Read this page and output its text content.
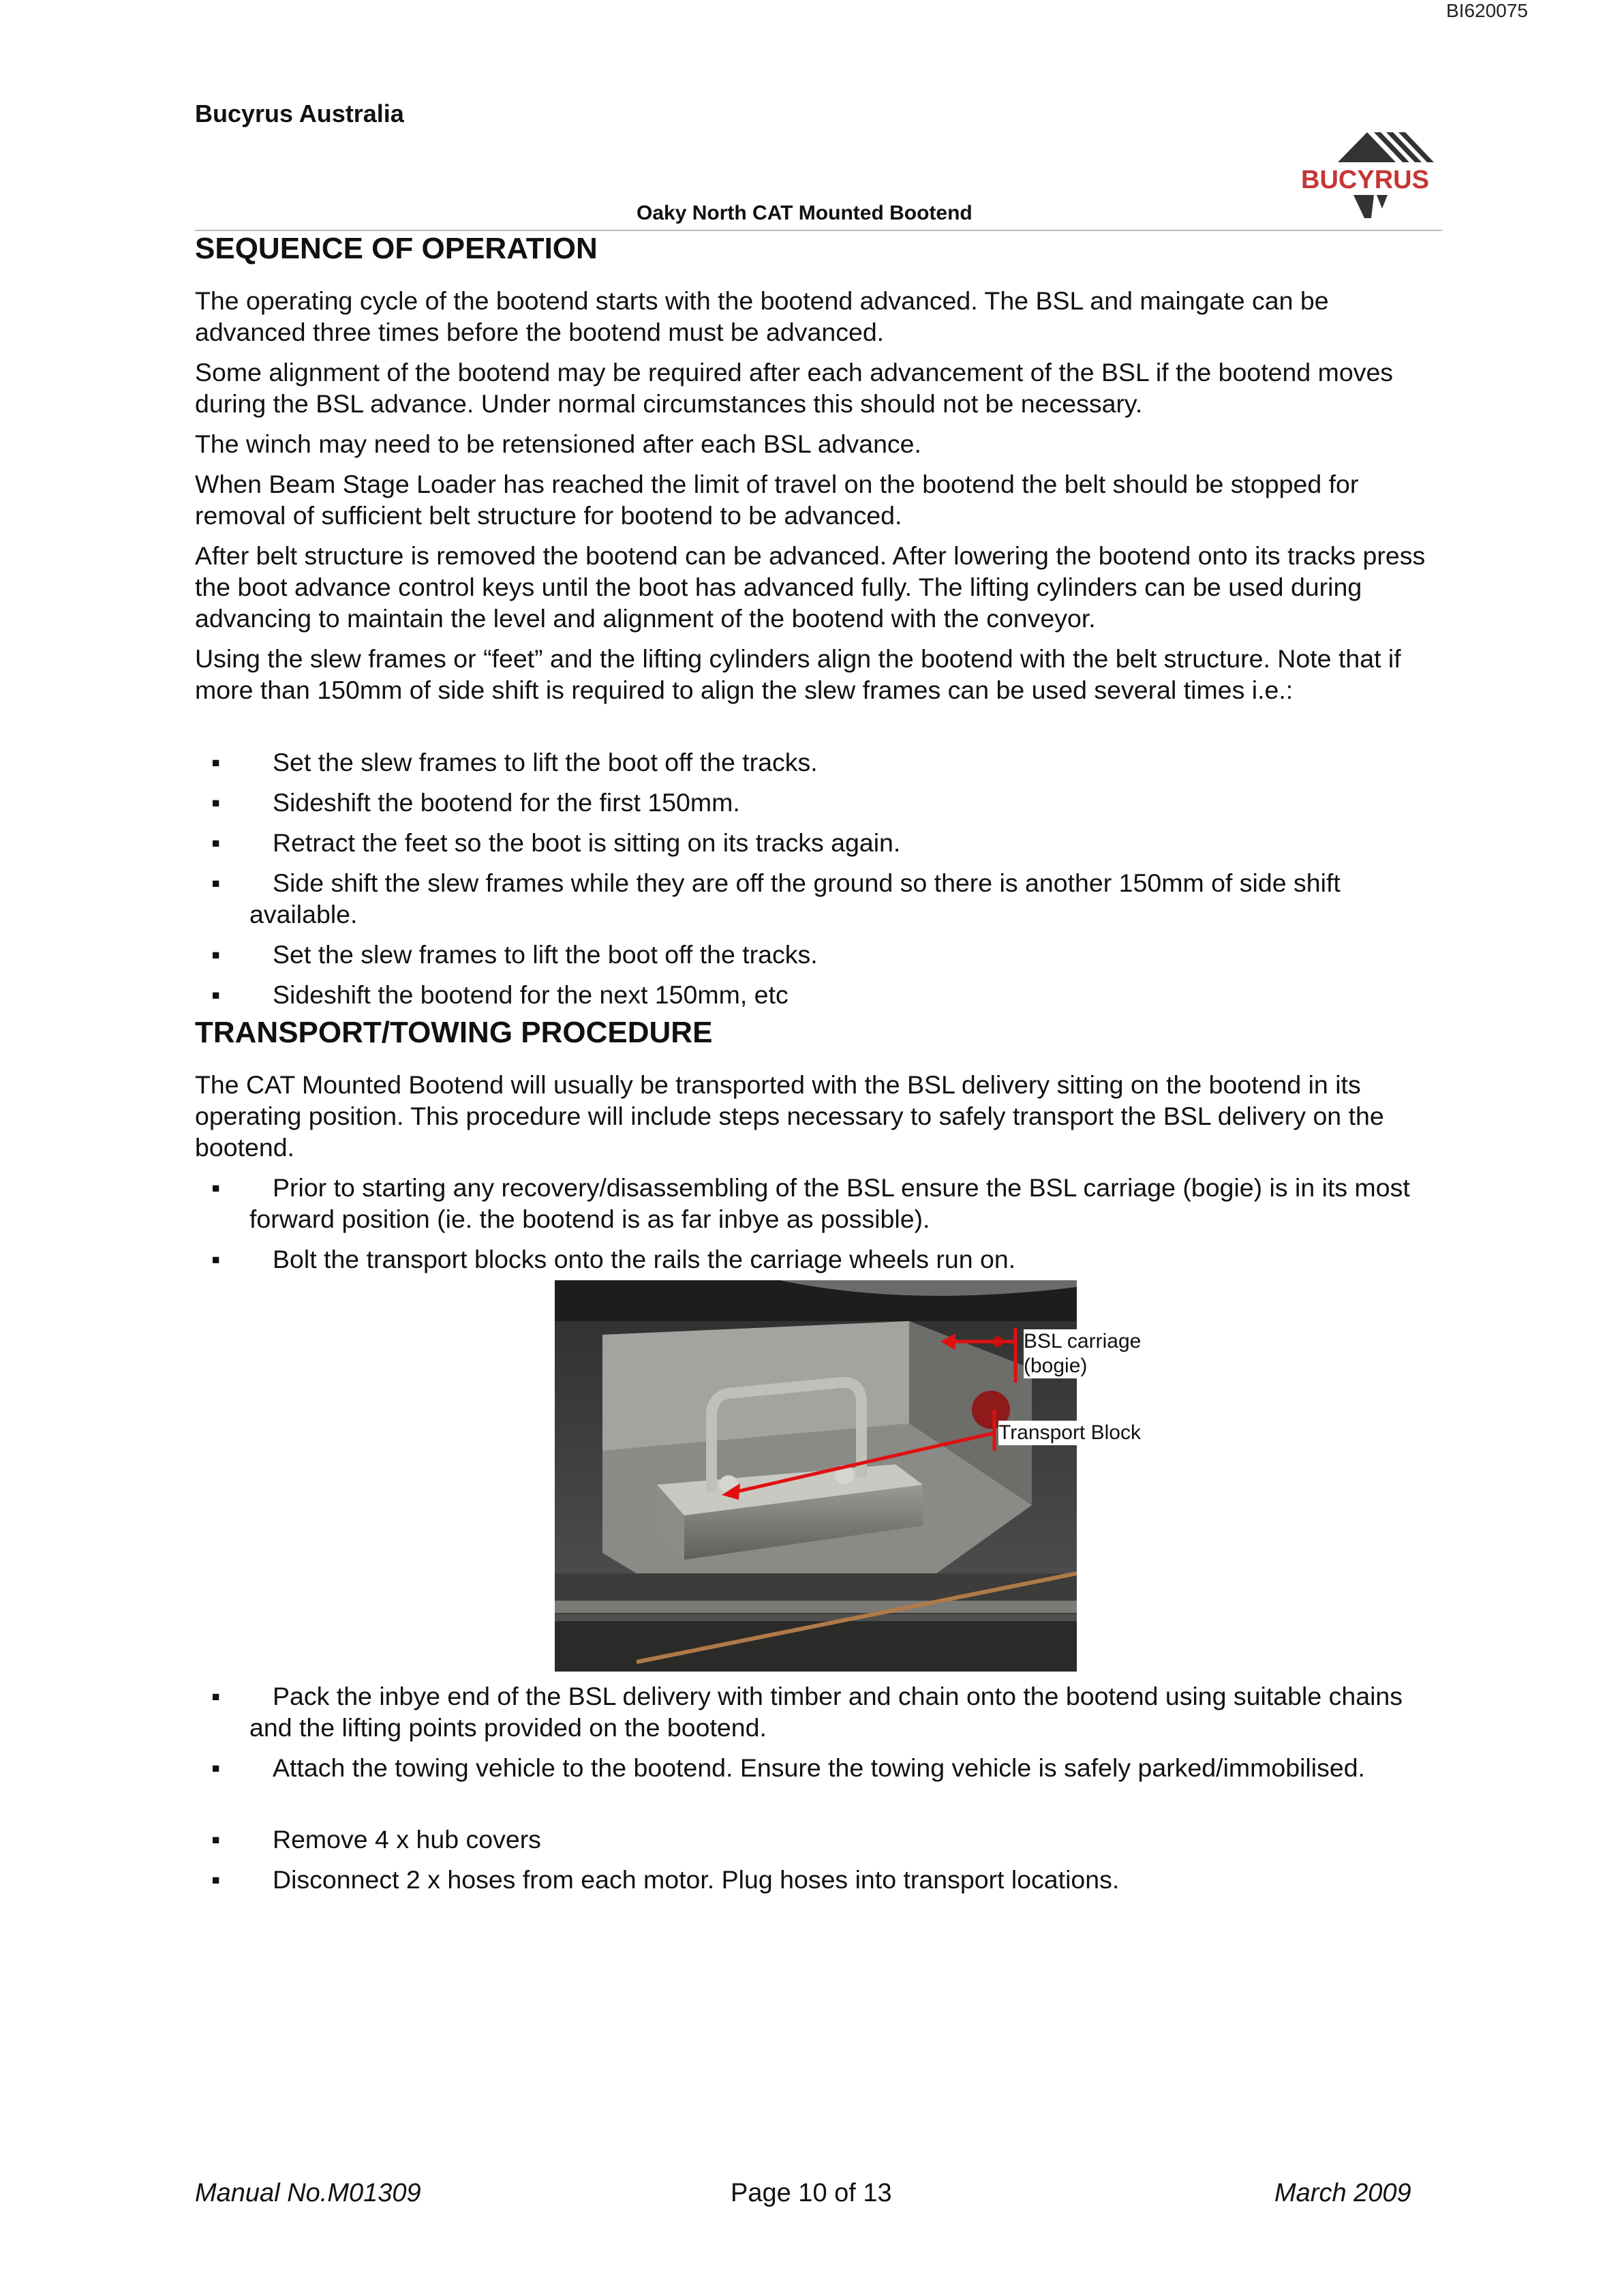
BI620075
Bucyrus Australia
Oaky North CAT Mounted Bootend
BUCYRUS
SEQUENCE OF OPERATION
The operating cycle of the bootend starts with the bootend advanced. The BSL and maingate can be advanced three times before the bootend must be advanced.
Some alignment of the bootend may be required after each advancement of the BSL if the bootend moves during the BSL advance. Under normal circumstances this should not be necessary.
The winch may need to be retensioned after each BSL advance.
When Beam Stage Loader has reached the limit of travel on the bootend the belt should be stopped for removal of sufficient belt structure for bootend to be advanced.
After belt structure is removed the bootend can be advanced. After lowering the bootend onto its tracks press the boot advance control keys until the boot has advanced fully. The lifting cylinders can be used during advancing to maintain the level and alignment of the bootend with the conveyor.
Using the slew frames or “feet” and the lifting cylinders align the bootend with the belt structure. Note that if more than 150mm of side shift is required to align the slew frames can be used several times i.e.:
▪	Set the slew frames to lift the boot off the tracks.
▪	Sideshift the bootend for the first 150mm.
▪	Retract the feet so the boot is sitting on its tracks again.
▪	Side shift the slew frames while they are off the ground so there is another 150mm of side shift available.
▪	Set the slew frames to lift the boot off the tracks.
▪	Sideshift the bootend for the next 150mm, etc
TRANSPORT/TOWING PROCEDURE
The CAT Mounted Bootend will usually be transported with the BSL delivery sitting on the bootend in its operating position. This procedure will include steps necessary to safely transport the BSL delivery on the bootend.
▪	Prior to starting any recovery/disassembling of the BSL ensure the BSL carriage (bogie) is in its most forward position (ie. the bootend is as far inbye as possible).
▪	Bolt the transport blocks onto the rails the carriage wheels run on.
BSL carriage
(bogie)
Transport Block
▪	Pack the inbye end of the BSL delivery with timber and chain onto the bootend using suitable chains and the lifting points provided on the bootend.
▪	Attach the towing vehicle to the bootend. Ensure the towing vehicle is safely parked/immobilised.
▪	Remove 4 x hub covers
▪	Disconnect 2 x hoses from each motor. Plug hoses into transport locations.
Manual No.M01309	Page 10 of 13	March 2009
